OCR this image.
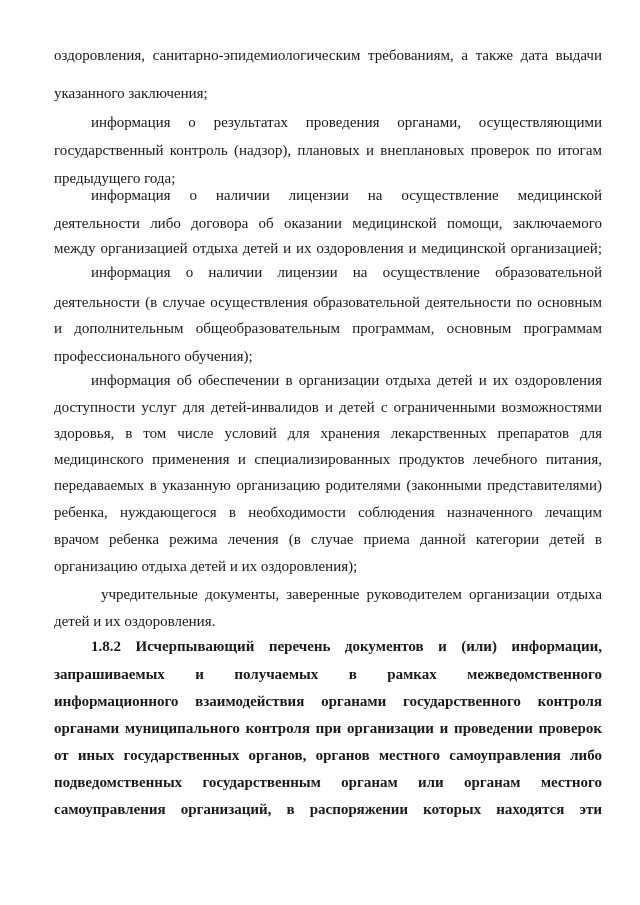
оздоровления, санитарно-эпидемиологическим требованиям, а также дата выдачи
указанного заключения;
информация о результатах проведения органами, осуществляющими
государственный контроль (надзор), плановых и внеплановых проверок по итогам
предыдущего года;
информация о наличии лицензии на осуществление медицинской
деятельности либо договора об оказании медицинской помощи, заключаемого
между организацией отдыха детей и их оздоровления и медицинской организацией;
информация о наличии лицензии на осуществление образовательной
деятельности (в случае осуществления образовательной деятельности по основным
и дополнительным общеобразовательным программам, основным программам
профессионального обучения);
информация об обеспечении в организации отдыха детей и их оздоровления
доступности услуг для детей-инвалидов и детей с ограниченными возможностями
здоровья, в том числе условий для хранения лекарственных препаратов для
медицинского применения и специализированных продуктов лечебного питания,
передаваемых в указанную организацию родителями (законными представителями)
ребенка, нуждающегося в необходимости соблюдения назначенного лечащим
врачом ребенка режима лечения (в случае приема данной категории детей в
организацию отдыха детей и их оздоровления);
учредительные документы, заверенные руководителем организации отдыха
детей и их оздоровления.
1.8.2 Исчерпывающий перечень документов и (или) информации,
запрашиваемых и получаемых в рамках межведомственного
информационного взаимодействия органами государственного контроля
органами муниципального контроля при организации и проведении проверок
от иных государственных органов, органов местного самоуправления либо
подведомственных государственным органам или органам местного
самоуправления организаций, в распоряжении которых находятся эти
